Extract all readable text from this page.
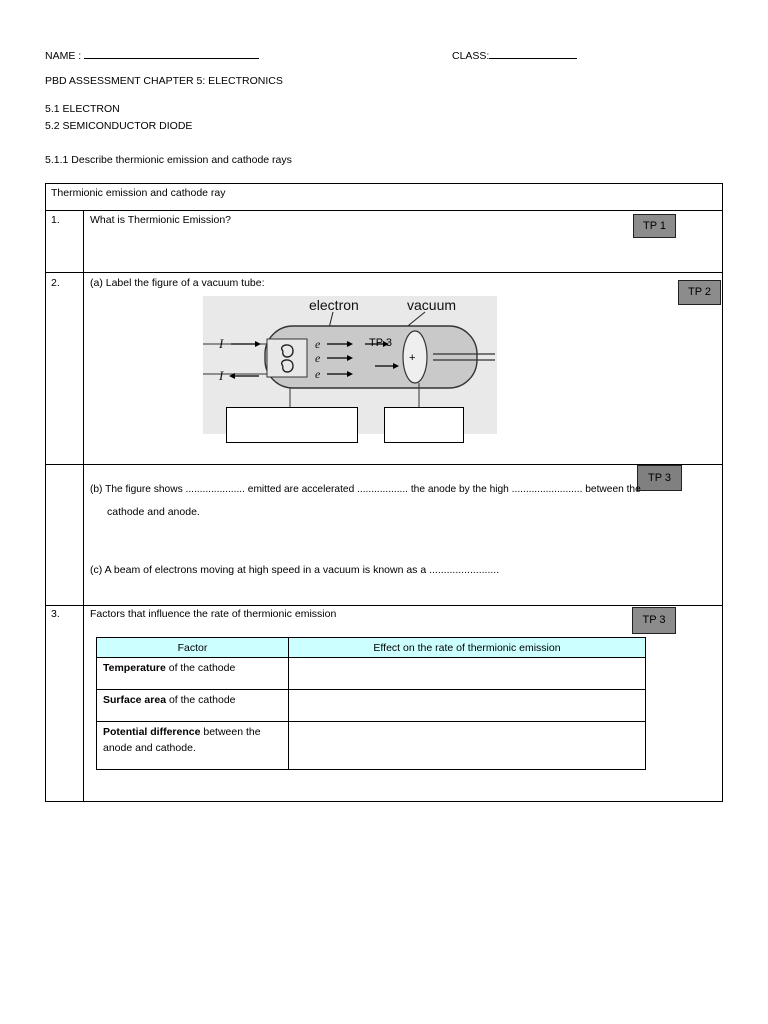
NAME :	CLASS:
PBD ASSESSMENT CHAPTER 5: ELECTRONICS
5.1 ELECTRON
5.2 SEMICONDUCTOR DIODE
5.1.1 Describe thermionic emission and cathode rays
Thermionic emission and cathode ray
1.	What is Thermionic Emission?	TP 1
2.	(a) Label the figure of a vacuum tube:
TP 2
electron	vacuum
TP 3
+
I
I
e
e
e
TP 3
(b) The figure shows ..................... emitted are accelerated .................. the anode by the high ......................... between the
cathode and anode.
(c) A beam of electrons moving at high speed in a vacuum is known as a ........................
3.	Factors that influence the rate of thermionic emission	TP 3
Factor	Effect on the rate of thermionic emission
Temperature of the cathode	
Surface area of the cathode	
Potential difference between the anode and cathode.	
